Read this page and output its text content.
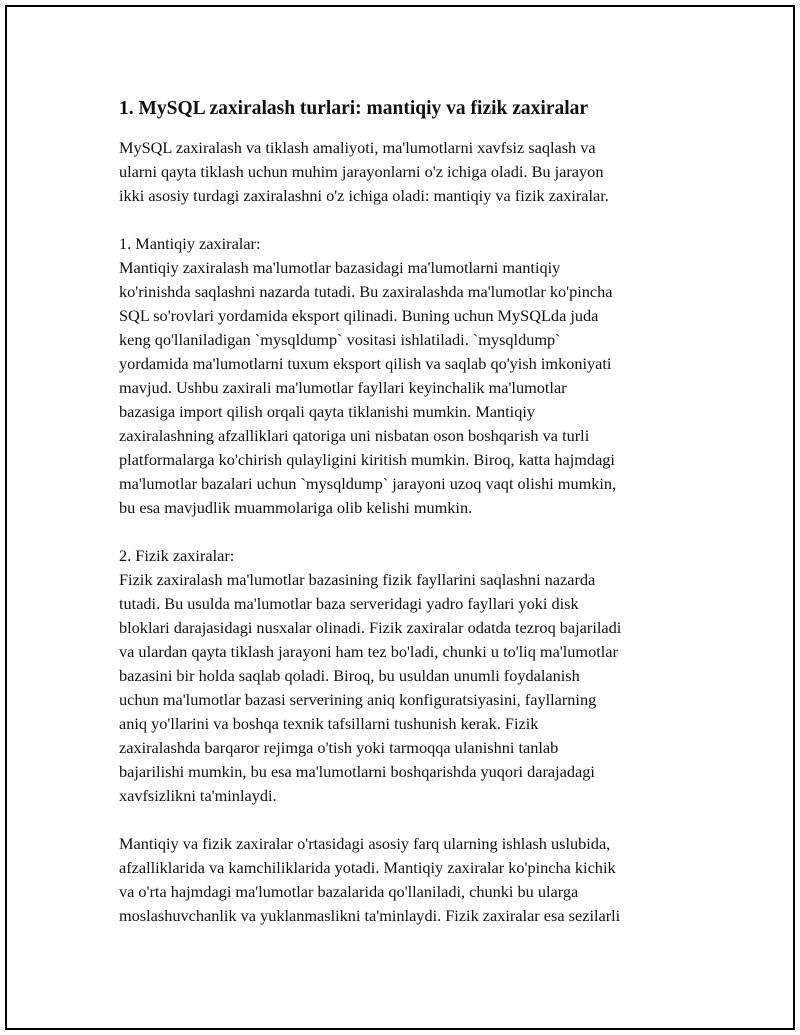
1. MySQL zaxiralash turlari: mantiqiy va fizik zaxiralar

MySQL zaxiralash va tiklash amaliyoti, ma'lumotlarni xavfsiz saqlash va
ularni qayta tiklash uchun muhim jarayonlarni o'z ichiga oladi. Bu jarayon
ikki asosiy turdagi zaxiralashni o'z ichiga oladi: mantiqiy va fizik zaxiralar.

1. Mantiqiy zaxiralar:
Mantiqiy zaxiralash ma'lumotlar bazasidagi ma'lumotlarni mantiqiy
ko'rinishda saqlashni nazarda tutadi. Bu zaxiralashda ma'lumotlar ko'pincha
SQL so'rovlari yordamida eksport qilinadi. Buning uchun MySQLda juda
keng qo'llaniladigan `mysqldump` vositasi ishlatiladi. `mysqldump`
yordamida ma'lumotlarni tuxum eksport qilish va saqlab qo'yish imkoniyati
mavjud. Ushbu zaxirali ma'lumotlar fayllari keyinchalik ma'lumotlar
bazasiga import qilish orqali qayta tiklanishi mumkin. Mantiqiy
zaxiralashning afzalliklari qatoriga uni nisbatan oson boshqarish va turli
platformalarga ko'chirish qulayligini kiritish mumkin. Biroq, katta hajmdagi
ma'lumotlar bazalari uchun `mysqldump` jarayoni uzoq vaqt olishi mumkin,
bu esa mavjudlik muammolariga olib kelishi mumkin.

2. Fizik zaxiralar:
Fizik zaxiralash ma'lumotlar bazasining fizik fayllarini saqlashni nazarda
tutadi. Bu usulda ma'lumotlar baza serveridagi yadro fayllari yoki disk
bloklari darajasidagi nusxalar olinadi. Fizik zaxiralar odatda tezroq bajariladi
va ulardan qayta tiklash jarayoni ham tez bo'ladi, chunki u to'liq ma'lumotlar
bazasini bir holda saqlab qoladi. Biroq, bu usuldan unumli foydalanish
uchun ma'lumotlar bazasi serverining aniq konfiguratsiyasini, fayllarning
aniq yo'llarini va boshqa texnik tafsillarni tushunish kerak. Fizik
zaxiralashda barqaror rejimga o'tish yoki tarmoqqa ulanishni tanlab
bajarilishi mumkin, bu esa ma'lumotlarni boshqarishda yuqori darajadagi
xavfsizlikni ta'minlaydi.

Mantiqiy va fizik zaxiralar o'rtasidagi asosiy farq ularning ishlash uslubida,
afzalliklarida va kamchiliklarida yotadi. Mantiqiy zaxiralar ko'pincha kichik
va o'rta hajmdagi ma'lumotlar bazalarida qo'llaniladi, chunki bu ularga
moslashuvchanlik va yuklanmaslikni ta'minlaydi. Fizik zaxiralar esa sezilarli
